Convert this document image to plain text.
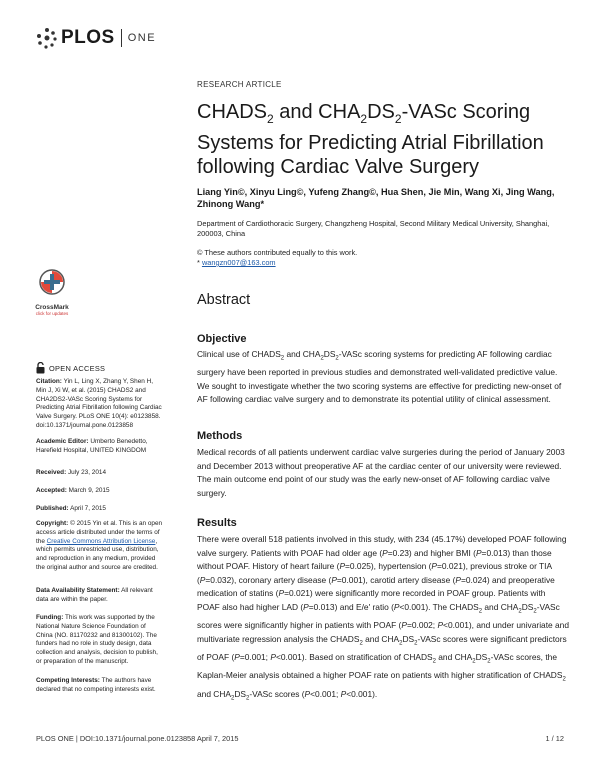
PLOS ONE
RESEARCH ARTICLE
$CHADS_2$ and $CHA_2DS_2$-VASc Scoring Systems for Predicting Atrial Fibrillation following Cardiac Valve Surgery
Liang Yin©, Xinyu Ling©, Yufeng Zhang©, Hua Shen, Jie Min, Wang Xi, Jing Wang, Zhinong Wang*
Department of Cardiothoracic Surgery, Changzheng Hospital, Second Military Medical University, Shanghai, 200003, China
© These authors contributed equally to this work.
* wangzn007@163.com
CrossMark
click for updates
OPEN ACCESS
Citation: Yin L, Ling X, Zhang Y, Shen H, Min J, Xi W, et al. (2015) CHADS2 and CHA2DS2-VASc Scoring Systems for Predicting Atrial Fibrillation following Cardiac Valve Surgery. PLoS ONE 10(4): e0123858. doi:10.1371/journal.pone.0123858
Academic Editor: Umberto Benedetto, Harefield Hospital, UNITED KINGDOM
Received: July 23, 2014
Accepted: March 9, 2015
Published: April 7, 2015
Copyright: © 2015 Yin et al. This is an open access article distributed under the terms of the Creative Commons Attribution License, which permits unrestricted use, distribution, and reproduction in any medium, provided the original author and source are credited.
Data Availability Statement: All relevant data are within the paper.
Funding: This work was supported by the National Nature Science Foundation of China (NO. 81170232 and 81300102). The funders had no role in study design, data collection and analysis, decision to publish, or preparation of the manuscript.
Competing Interests: The authors have declared that no competing interests exist.
Abstract
Objective
Clinical use of $CHADS_2$ and $CHA_2DS_2$-VASc scoring systems for predicting AF following cardiac surgery have been reported in previous studies and demonstrated well-validated predictive value. We sought to investigate whether the two scoring systems are effective for predicting new-onset of AF following cardiac valve surgery and to demonstrate its potential utility of clinical assessment.
Methods
Medical records of all patients underwent cardiac valve surgeries during the period of January 2003 and December 2013 without preoperative AF at the cardiac center of our university were reviewed. The main outcome end point of our study was the early new-onset of AF following cardiac valve surgery.
Results
There were overall 518 patients involved in this study, with 234 (45.17%) developed POAF following valve surgery. Patients with POAF had older age (P=0.23) and higher BMI (P=0.013) than those without POAF. History of heart failure (P=0.025), hypertension (P=0.021), previous stroke or TIA (P=0.032), coronary artery disease (P=0.001), carotid artery disease (P=0.024) and preoperative medication of statins (P=0.021) were significantly more recorded in POAF group. Patients with POAF also had higher LAD (P=0.013) and E/e' ratio (P<0.001). The $CHADS_2$ and $CHA_2DS_2$-VASc scores were significantly higher in patients with POAF (P=0.002; P<0.001), and under univariate and multivariate regression analysis the $CHADS_2$ and $CHA_2DS_2$-VASc scores were significant predictors of POAF (P=0.001; P<0.001). Based on stratification of $CHADS_2$ and $CHA_2DS_2$-VASc scores, the Kaplan-Meier analysis obtained a higher POAF rate on patients with higher stratification of $CHADS_2$ and $CHA_2DS_2$-VASc scores (P<0.001; P<0.001).
PLOS ONE | DOI:10.1371/journal.pone.0123858 April 7, 2015	1 / 12
